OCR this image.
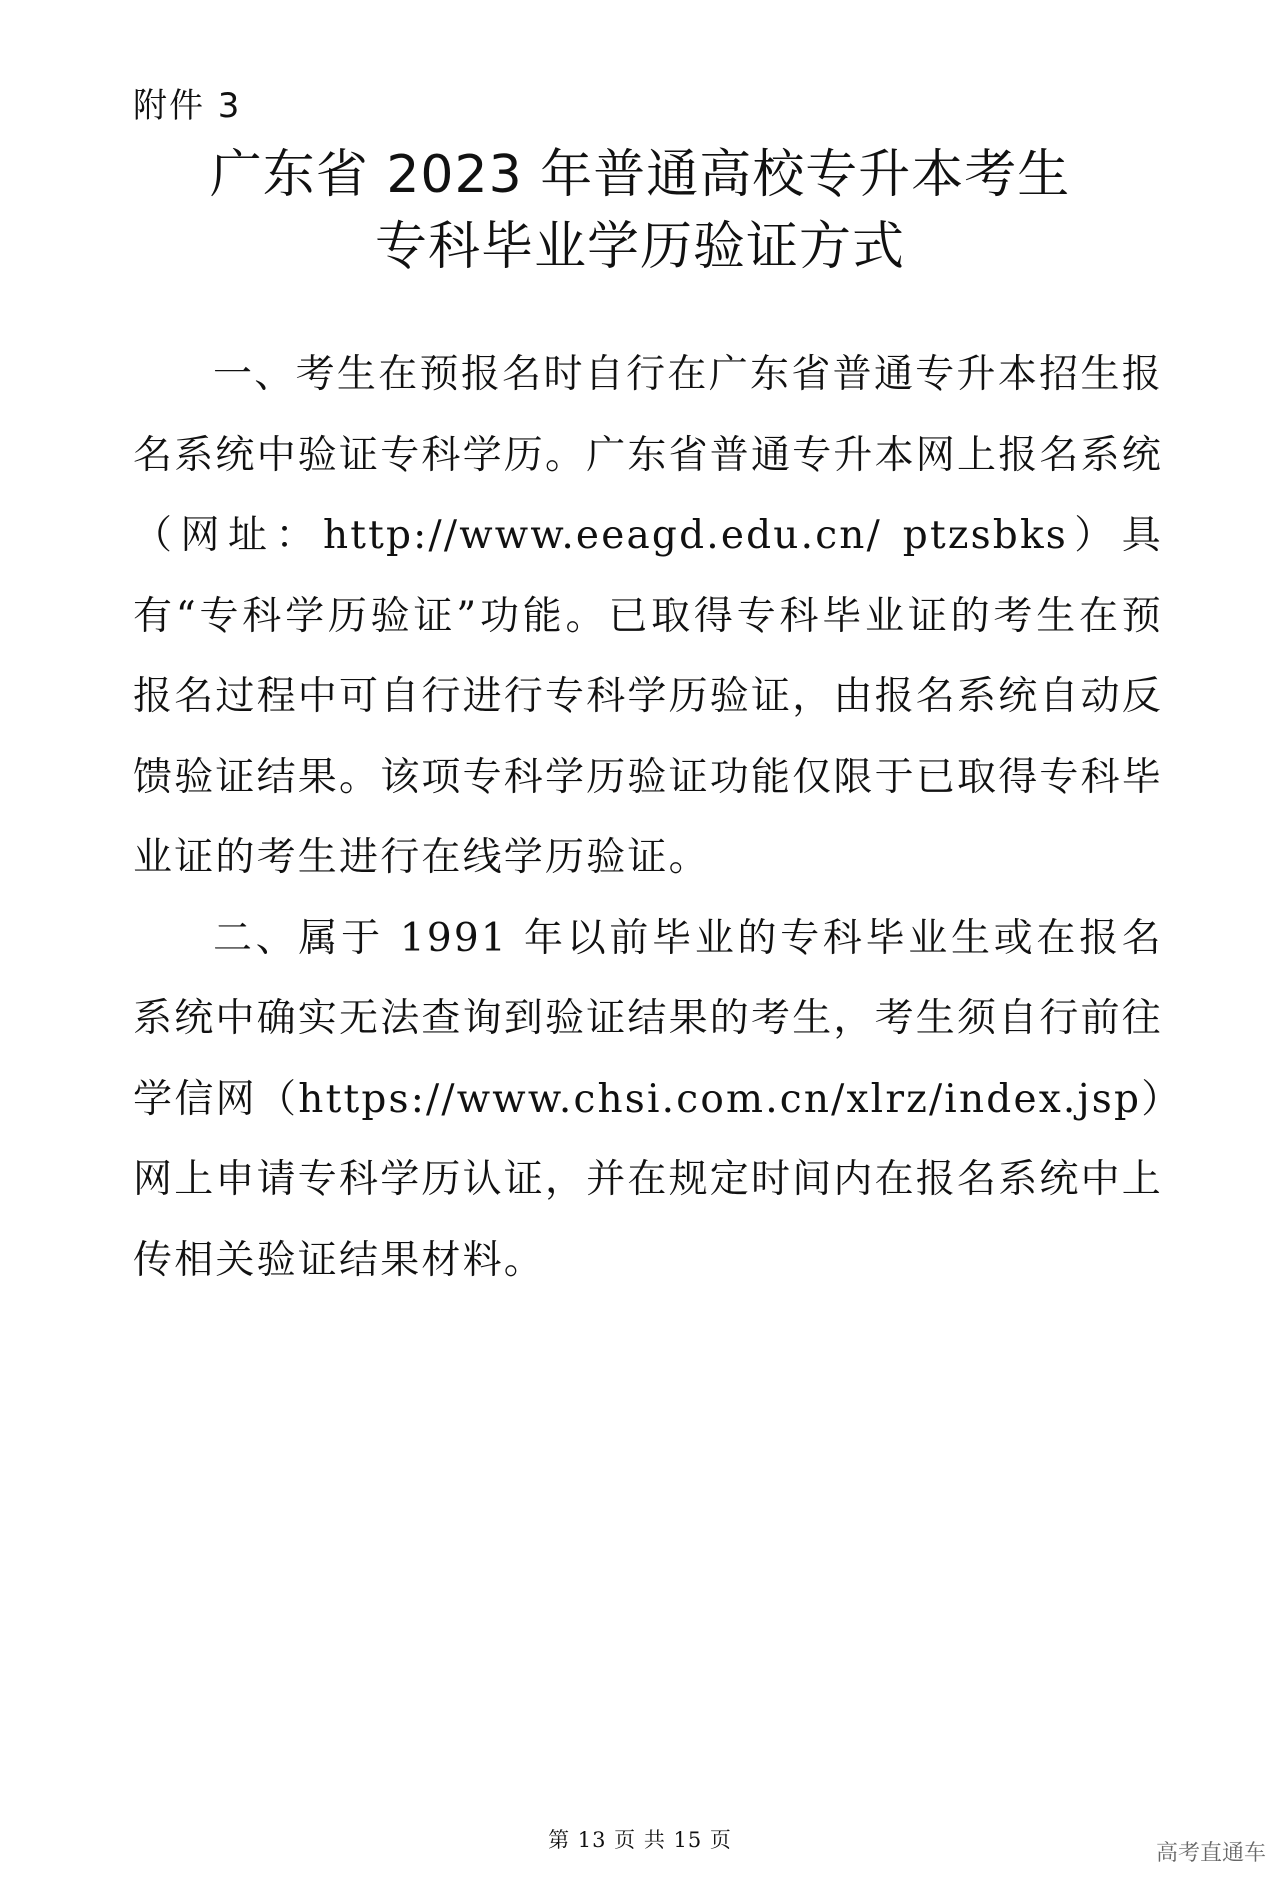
附件 3
广东省 2023 年普通高校专升本考生
专科毕业学历验证方式

一、考生在预报名时自行在广东省普通专升本招生报名系统中验证专科学历。广东省普通专升本网上报名系统（网址：http://www.eeagd.edu.cn/ ptzsbks）具有“专科学历验证”功能。已取得专科毕业证的考生在预报名过程中可自行进行专科学历验证，由报名系统自动反馈验证结果。该项专科学历验证功能仅限于已取得专科毕业证的考生进行在线学历验证。

二、属于 1991 年以前毕业的专科毕业生或在报名系统中确实无法查询到验证结果的考生，考生须自行前往学信网（https://www.chsi.com.cn/xlrz/index.jsp）网上申请专科学历认证，并在规定时间内在报名系统中上传相关验证结果材料。

第 13 页 共 15 页
高考直通车
